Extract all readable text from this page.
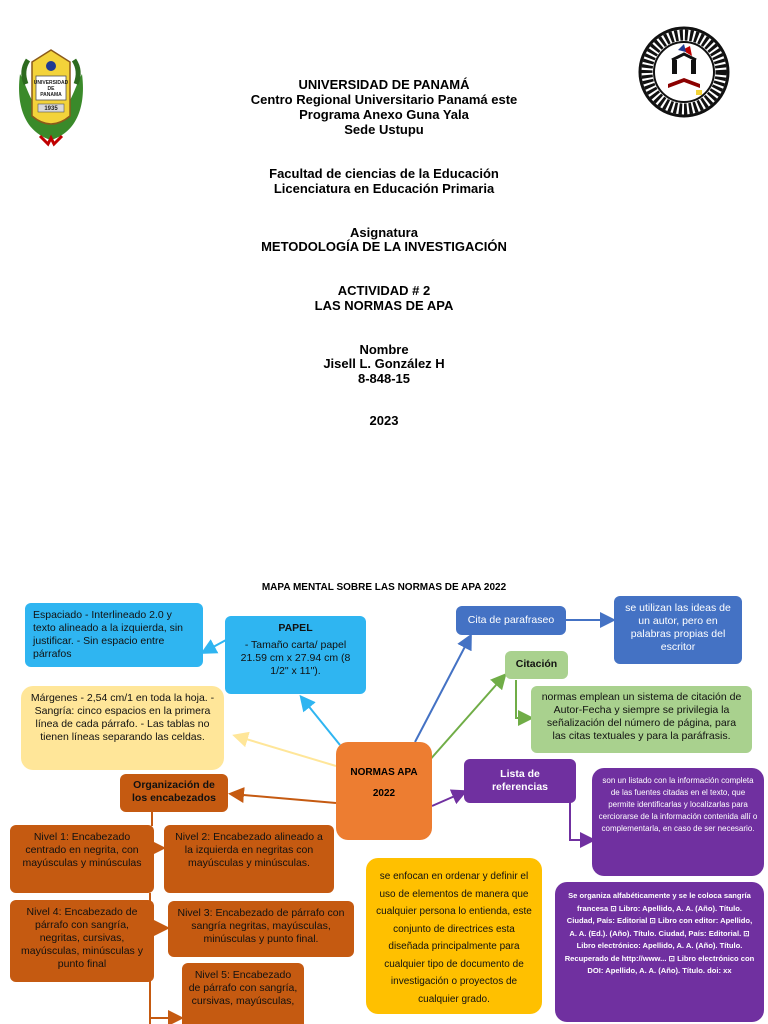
UNIVERSIDAD
DE
PANAMA
1935
UNIVERSIDAD DE PANAMÁ
Centro Regional Universitario Panamá este
Programa Anexo Guna Yala
Sede Ustupu
Facultad de ciencias de la Educación
Licenciatura en Educación Primaria
Asignatura
METODOLOGÍA DE LA INVESTIGACIÓN
ACTIVIDAD # 2
LAS NORMAS DE APA
Nombre
Jisell L. González H
8-848-15
2023
MAPA MENTAL SOBRE LAS NORMAS DE APA 2022
Espaciado - Interlineado 2.0 y texto alineado a la izquierda, sin justificar. - Sin espacio entre párrafos
PAPEL
- Tamaño carta/ papel 21.59 cm x 27.94 cm (8 1/2" x 11").
Márgenes - 2,54 cm/1 en toda la hoja. - Sangría: cinco espacios en la primera línea de cada párrafo. - Las tablas no tienen líneas separando las celdas.
Cita de parafraseo
se utilizan las ideas de un autor, pero en palabras propias del escritor
Citación
normas emplean un sistema de citación de Autor-Fecha y siempre se privilegia la señalización del número de página, para las citas textuales y para la paráfrasis.
NORMAS APA
2022
Lista de referencias
son un listado con la información completa de las fuentes citadas en el texto, que permite identificarlas y localizarlas para cerciorarse de la información contenida allí o complementarla, en caso de ser necesario.
Se organiza alfabéticamente y se le coloca sangría francesa ⊡ Libro: Apellido, A. A. (Año). Título. Ciudad, País: Editorial ⊡ Libro con editor: Apellido, A. A. (Ed.). (Año). Título. Ciudad, País: Editorial. ⊡ Libro electrónico: Apellido, A. A. (Año). Título. Recuperado de http://www... ⊡ Libro electrónico con DOI: Apellido, A. A. (Año). Título. doi: xx
se enfocan en ordenar y definir el uso de elementos de manera que cualquier persona lo entienda, este conjunto de directrices esta diseñada principalmente para cualquier tipo de documento de investigación o proyectos de cualquier grado.
Organización de los encabezados
Nivel 1: Encabezado centrado en negrita, con mayúsculas y minúsculas
Nivel 2: Encabezado alineado a la izquierda en negritas con mayúsculas y minúsculas.
Nivel 4: Encabezado de párrafo con sangría, negritas, cursivas, mayúsculas, minúsculas y punto final
Nivel 3: Encabezado de párrafo con sangría negritas, mayúsculas, minúsculas y punto final.
Nivel 5: Encabezado de párrafo con sangría, cursivas, mayúsculas,
